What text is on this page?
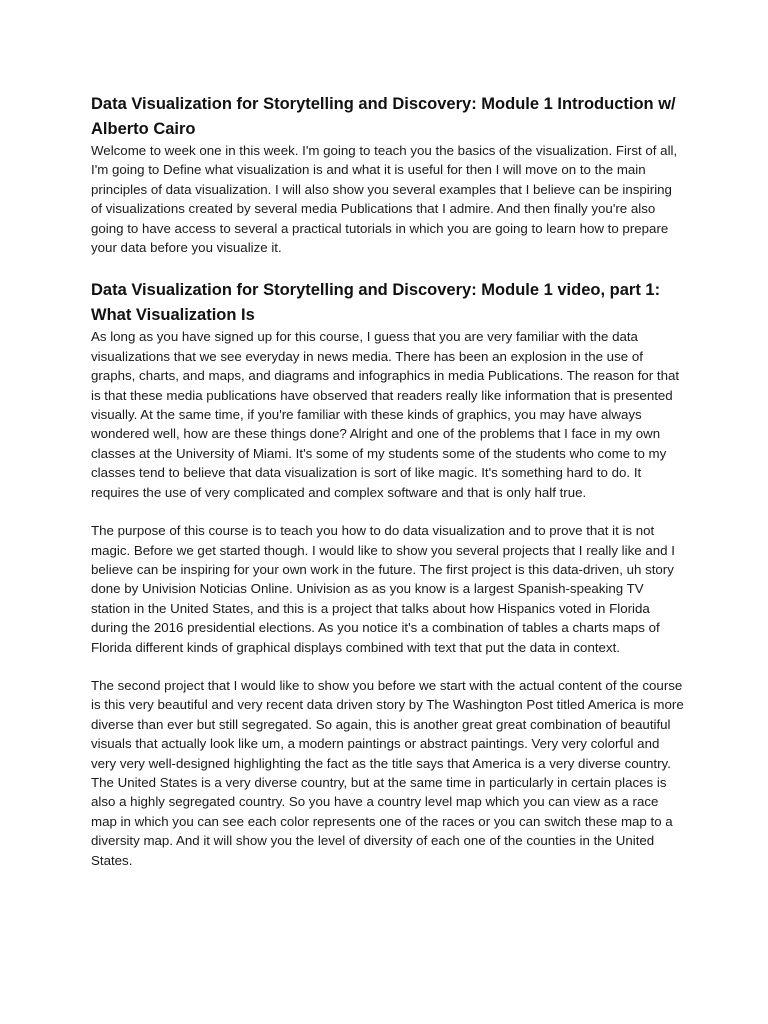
Data Visualization for Storytelling and Discovery: Module 1 Introduction w/ Alberto Cairo

Welcome to week one in this week. I'm going to teach you the basics of the visualization. First of all, I'm going to Define what visualization is and what it is useful for then I will move on to the main principles of data visualization. I will also show you several examples that I believe can be inspiring of visualizations created by several media Publications that I admire. And then finally you're also going to have access to several a practical tutorials in which you are going to learn how to prepare your data before you visualize it.

Data Visualization for Storytelling and Discovery: Module 1 video, part 1: What Visualization Is

As long as you have signed up for this course, I guess that you are very familiar with the data visualizations that we see everyday in news media. There has been an explosion in the use of graphs, charts, and maps, and diagrams and infographics in media Publications. The reason for that is that these media publications have observed that readers really like information that is presented visually. At the same time, if you're familiar with these kinds of graphics, you may have always wondered well, how are these things done? Alright and one of the problems that I face in my own classes at the University of Miami. It's some of my students some of the students who come to my classes tend to believe that data visualization is sort of like magic. It's something hard to do. It requires the use of very complicated and complex software and that is only half true.

The purpose of this course is to teach you how to do data visualization and to prove that it is not magic. Before we get started though. I would like to show you several projects that I really like and I believe can be inspiring for your own work in the future. The first project is this data-driven, uh story done by Univision Noticias Online. Univision as as you know is a largest Spanish-speaking TV station in the United States, and this is a project that talks about how Hispanics voted in Florida during the 2016 presidential elections. As you notice it's a combination of tables a charts maps of Florida different kinds of graphical displays combined with text that put the data in context.

The second project that I would like to show you before we start with the actual content of the course is this very beautiful and very recent data driven story by The Washington Post titled America is more diverse than ever but still segregated. So again, this is another great great combination of beautiful visuals that actually look like um, a modern paintings or abstract paintings. Very very colorful and very very well-designed highlighting the fact as the title says that America is a very diverse country. The United States is a very diverse country, but at the same time in particularly in certain places is also a highly segregated country. So you have a country level map which you can view as a race map in which you can see each color represents one of the races or you can switch these map to a diversity map. And it will show you the level of diversity of each one of the counties in the United States.
